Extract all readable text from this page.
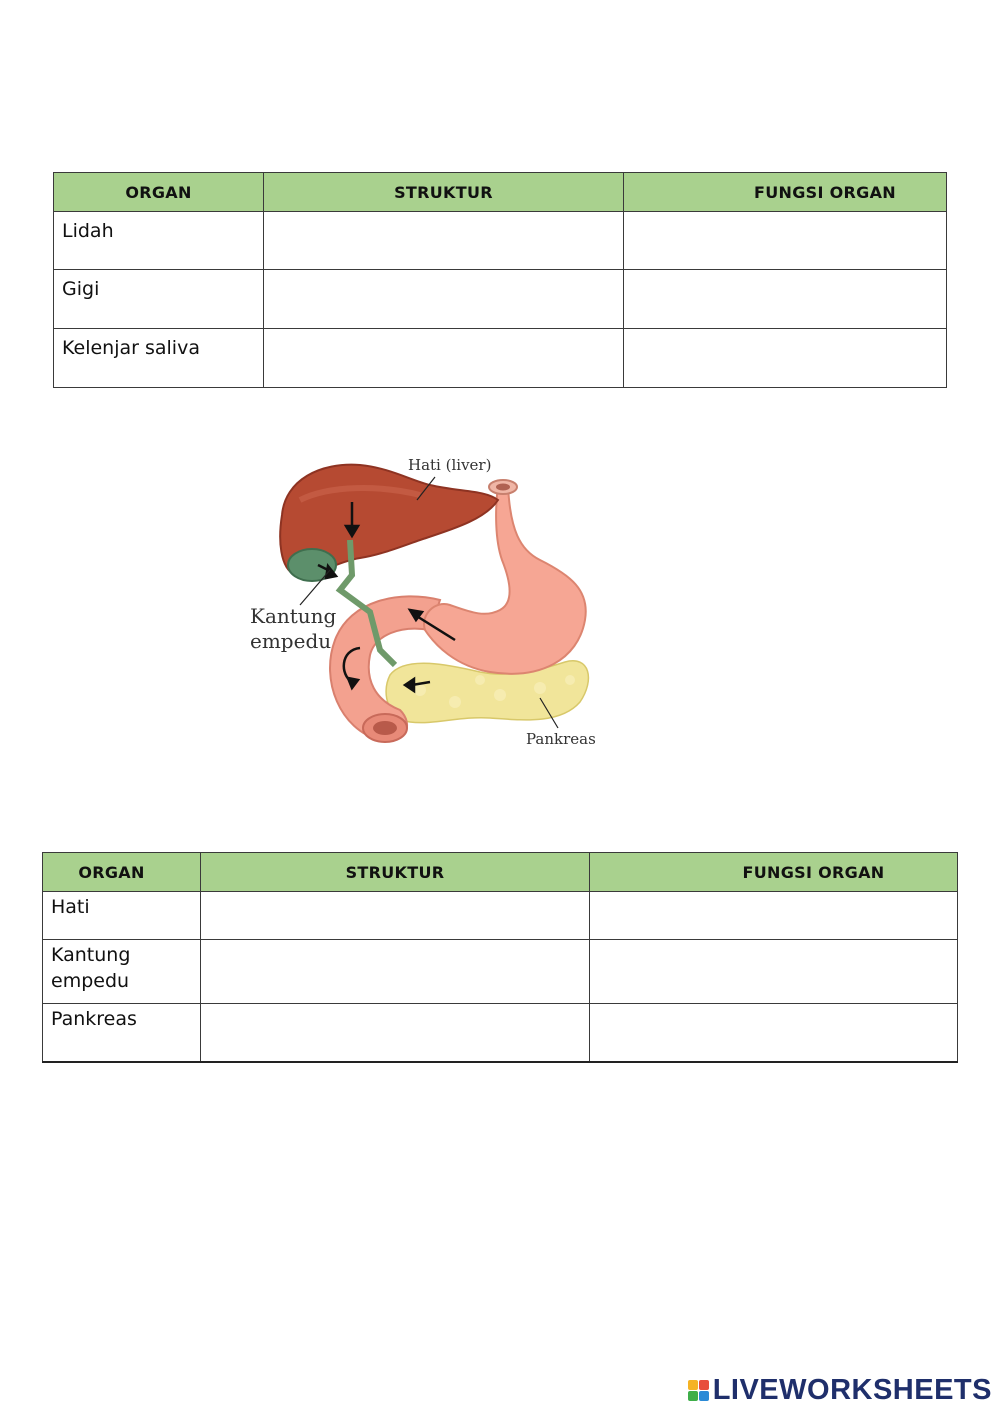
ORGAN	STRUKTUR	FUNGSI ORGAN
Lidah		
Gigi		
Kelenjar saliva		
Hati (liver)
Kantung
empedu
Pankreas
ORGAN	STRUKTUR	FUNGSI ORGAN
Hati		
Kantung empedu		
Pankreas		
LIVEWORKSHEETS
